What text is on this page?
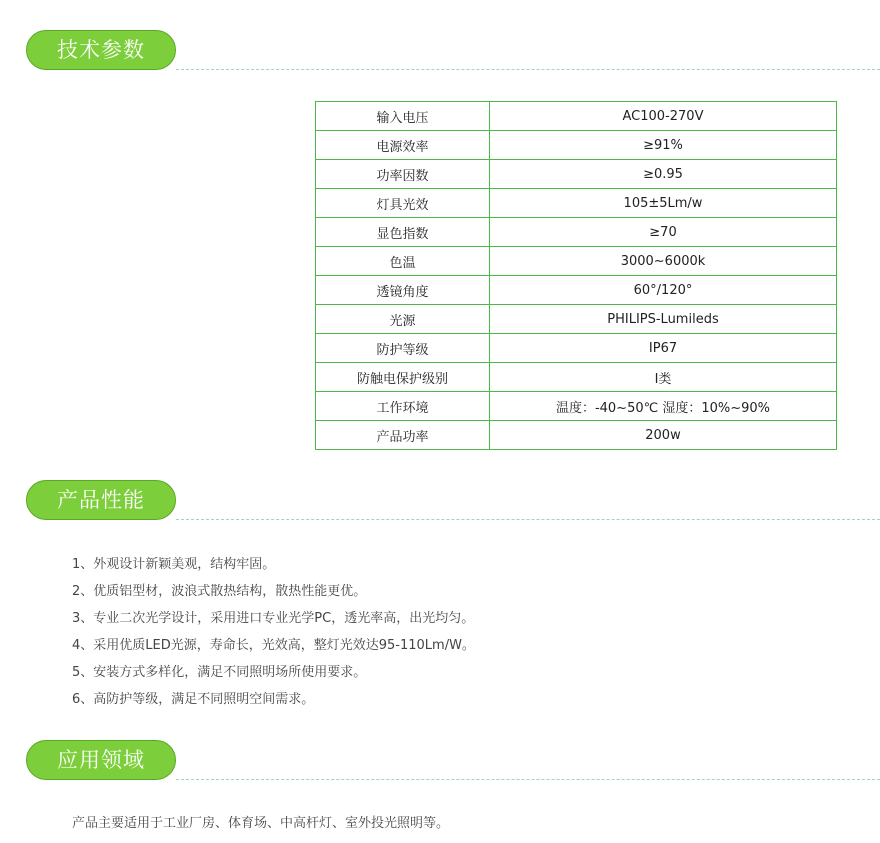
技术参数
输入电压	AC100-270V
电源效率	≥91%
功率因数	≥0.95
灯具光效	105±5Lm/w
显色指数	≥70
色温	3000~6000k
透镜角度	60°/120°
光源	PHILIPS-Lumileds
防护等级	IP67
防触电保护级别	I类
工作环境	温度：-40~50℃ 湿度：10%~90%
产品功率	200w
产品性能
1、外观设计新颖美观，结构牢固。
2、优质铝型材，波浪式散热结构，散热性能更优。
3、专业二次光学设计，采用进口专业光学PC，透光率高，出光均匀。
4、采用优质LED光源，寿命长，光效高，整灯光效达95-110Lm/W。
5、安装方式多样化，满足不同照明场所使用要求。
6、高防护等级，满足不同照明空间需求。
应用领域

产品主要适用于工业厂房、体育场、中高杆灯、室外投光照明等。
